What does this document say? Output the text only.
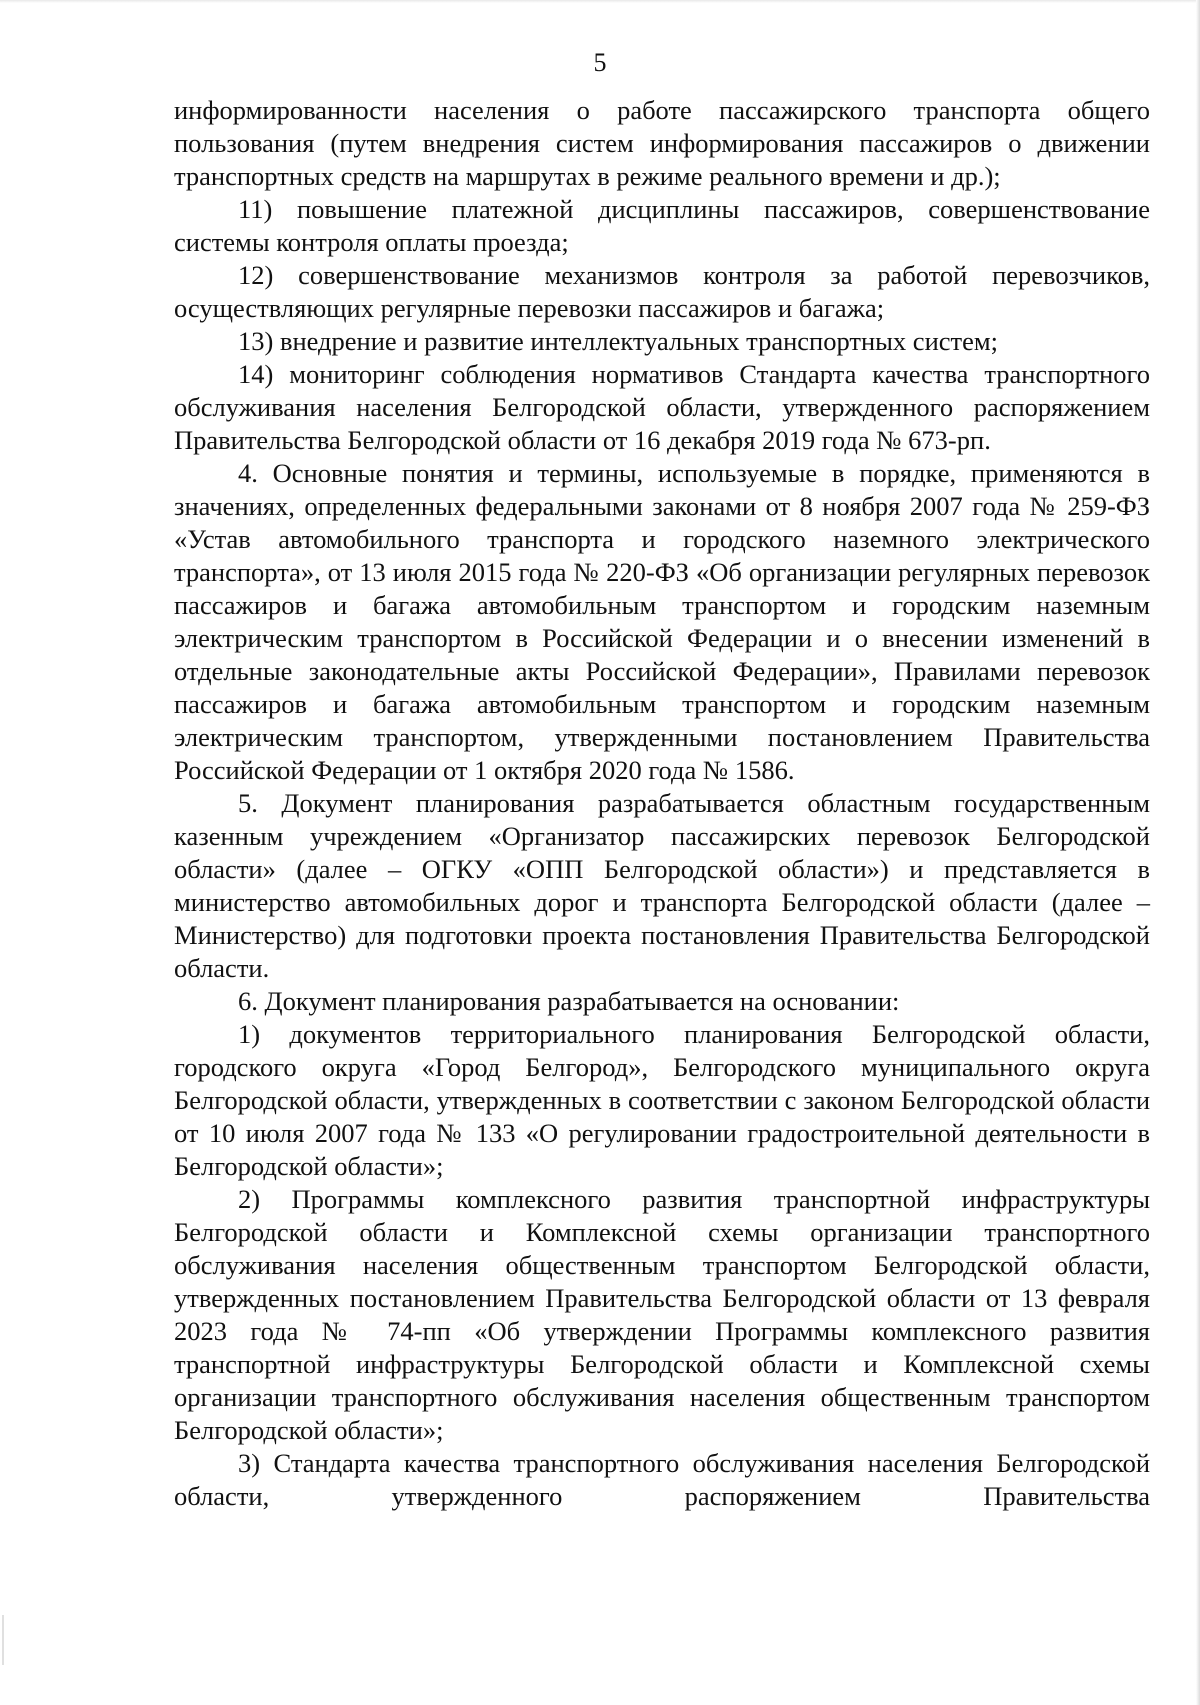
5

информированности населения о работе пассажирского транспорта общего пользования (путем внедрения систем информирования пассажиров о движении транспортных средств на маршрутах в режиме реального времени и др.);

11) повышение платежной дисциплины пассажиров, совершенствование системы контроля оплаты проезда;

12) совершенствование механизмов контроля за работой перевозчиков, осуществляющих регулярные перевозки пассажиров и багажа;

13) внедрение и развитие интеллектуальных транспортных систем;

14) мониторинг соблюдения нормативов Стандарта качества транспортного обслуживания населения Белгородской области, утвержденного распоряжением Правительства Белгородской области от 16 декабря 2019 года № 673-рп.

4. Основные понятия и термины, используемые в порядке, применяются в значениях, определенных федеральными законами от 8 ноября 2007 года № 259-ФЗ «Устав автомобильного транспорта и городского наземного электрического транспорта», от 13 июля 2015 года № 220-ФЗ «Об организации регулярных перевозок пассажиров и багажа автомобильным транспортом и городским наземным электрическим транспортом в Российской Федерации и о внесении изменений в отдельные законодательные акты Российской Федерации», Правилами перевозок пассажиров и багажа автомобильным транспортом и городским наземным электрическим транспортом, утвержденными постановлением Правительства Российской Федерации от 1 октября 2020 года № 1586.

5. Документ планирования разрабатывается областным государственным казенным учреждением «Организатор пассажирских перевозок Белгородской области» (далее – ОГКУ «ОПП Белгородской области») и представляется в министерство автомобильных дорог и транспорта Белгородской области (далее – Министерство) для подготовки проекта постановления Правительства Белгородской области.

6. Документ планирования разрабатывается на основании:

1) документов территориального планирования Белгородской области, городского округа «Город Белгород», Белгородского муниципального округа Белгородской области, утвержденных в соответствии с законом Белгородской области от 10 июля 2007 года № 133 «О регулировании градостроительной деятельности в Белгородской области»;

2) Программы комплексного развития транспортной инфраструктуры Белгородской области и Комплексной схемы организации транспортного обслуживания населения общественным транспортом Белгородской области, утвержденных постановлением Правительства Белгородской области от 13 февраля 2023 года № 74-пп «Об утверждении Программы комплексного развития транспортной инфраструктуры Белгородской области и Комплексной схемы организации транспортного обслуживания населения общественным транспортом Белгородской области»;

3) Стандарта качества транспортного обслуживания населения Белгородской области, утвержденного распоряжением Правительства
